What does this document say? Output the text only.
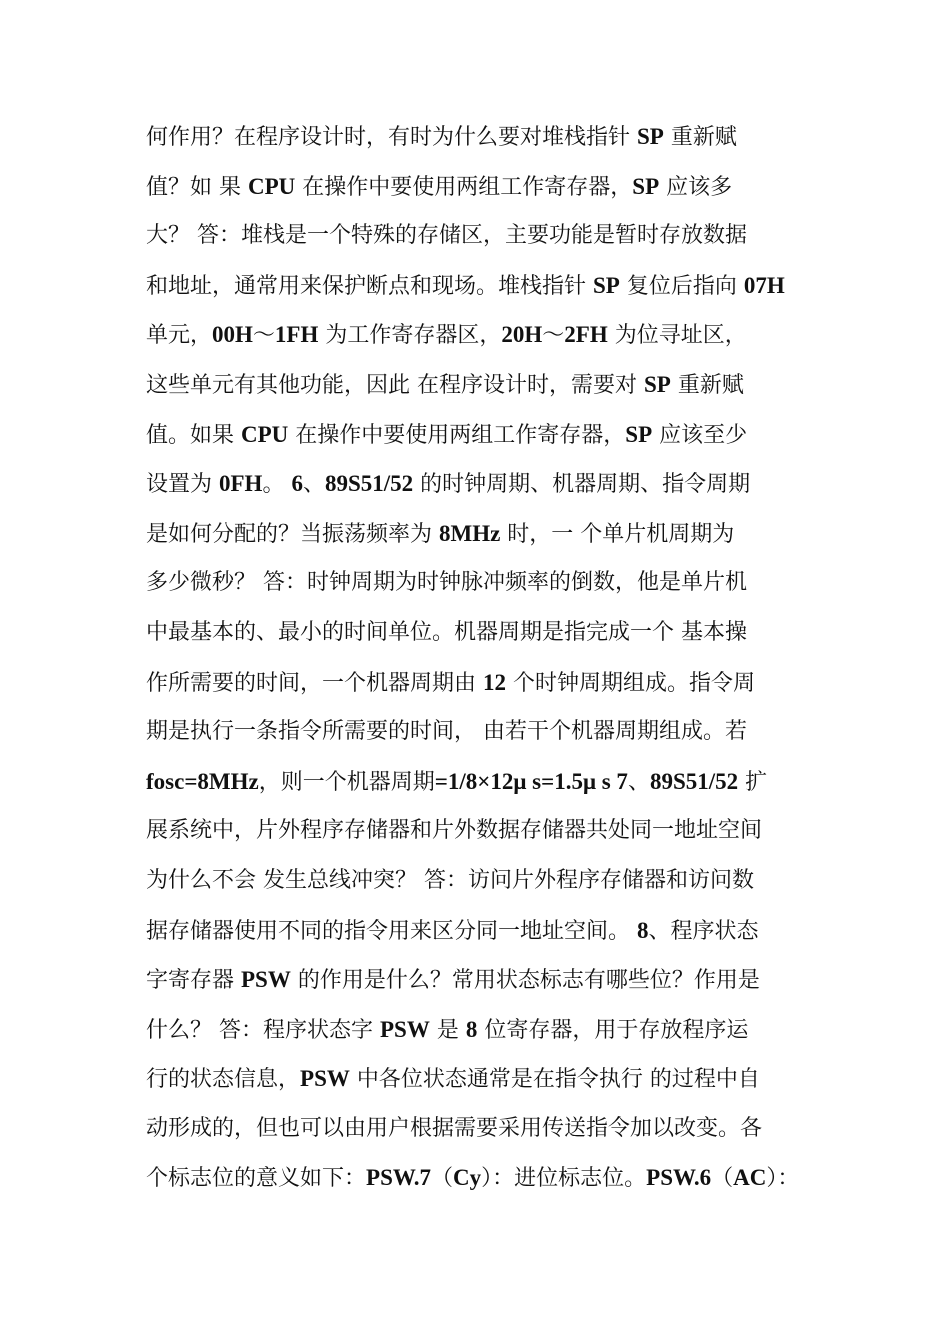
何作用？在程序设计时，有时为什么要对堆栈指针 SP 重新赋
值？如 果 CPU 在操作中要使用两组工作寄存器，SP 应该多
大？ 答：堆栈是一个特殊的存储区，主要功能是暂时存放数据
和地址，通常用来保护断点和现场。堆栈指针 SP 复位后指向 07H
单元，00H～1FH 为工作寄存器区，20H～2FH 为位寻址区，
这些单元有其他功能，因此 在程序设计时，需要对 SP 重新赋
值。如果 CPU 在操作中要使用两组工作寄存器，SP 应该至少
设置为 0FH。 6、89S51/52 的时钟周期、机器周期、指令周期
是如何分配的？当振荡频率为 8MHz 时，一 个单片机周期为
多少微秒？ 答：时钟周期为时钟脉冲频率的倒数，他是单片机
中最基本的、最小的时间单位。机器周期是指完成一个 基本操
作所需要的时间，一个机器周期由 12 个时钟周期组成。指令周
期是执行一条指令所需要的时间， 由若干个机器周期组成。若
fosc=8MHz，则一个机器周期=1/8×12μ s=1.5μ s 7、89S51/52 扩
展系统中，片外程序存储器和片外数据存储器共处同一地址空间
为什么不会 发生总线冲突？ 答：访问片外程序存储器和访问数
据存储器使用不同的指令用来区分同一地址空间。 8、程序状态
字寄存器 PSW 的作用是什么？常用状态标志有哪些位？作用是
什么？ 答：程序状态字 PSW 是 8 位寄存器，用于存放程序运
行的状态信息，PSW 中各位状态通常是在指令执行 的过程中自
动形成的，但也可以由用户根据需要采用传送指令加以改变。各
个标志位的意义如下：PSW.7（Cy）：进位标志位。PSW.6（AC）：
